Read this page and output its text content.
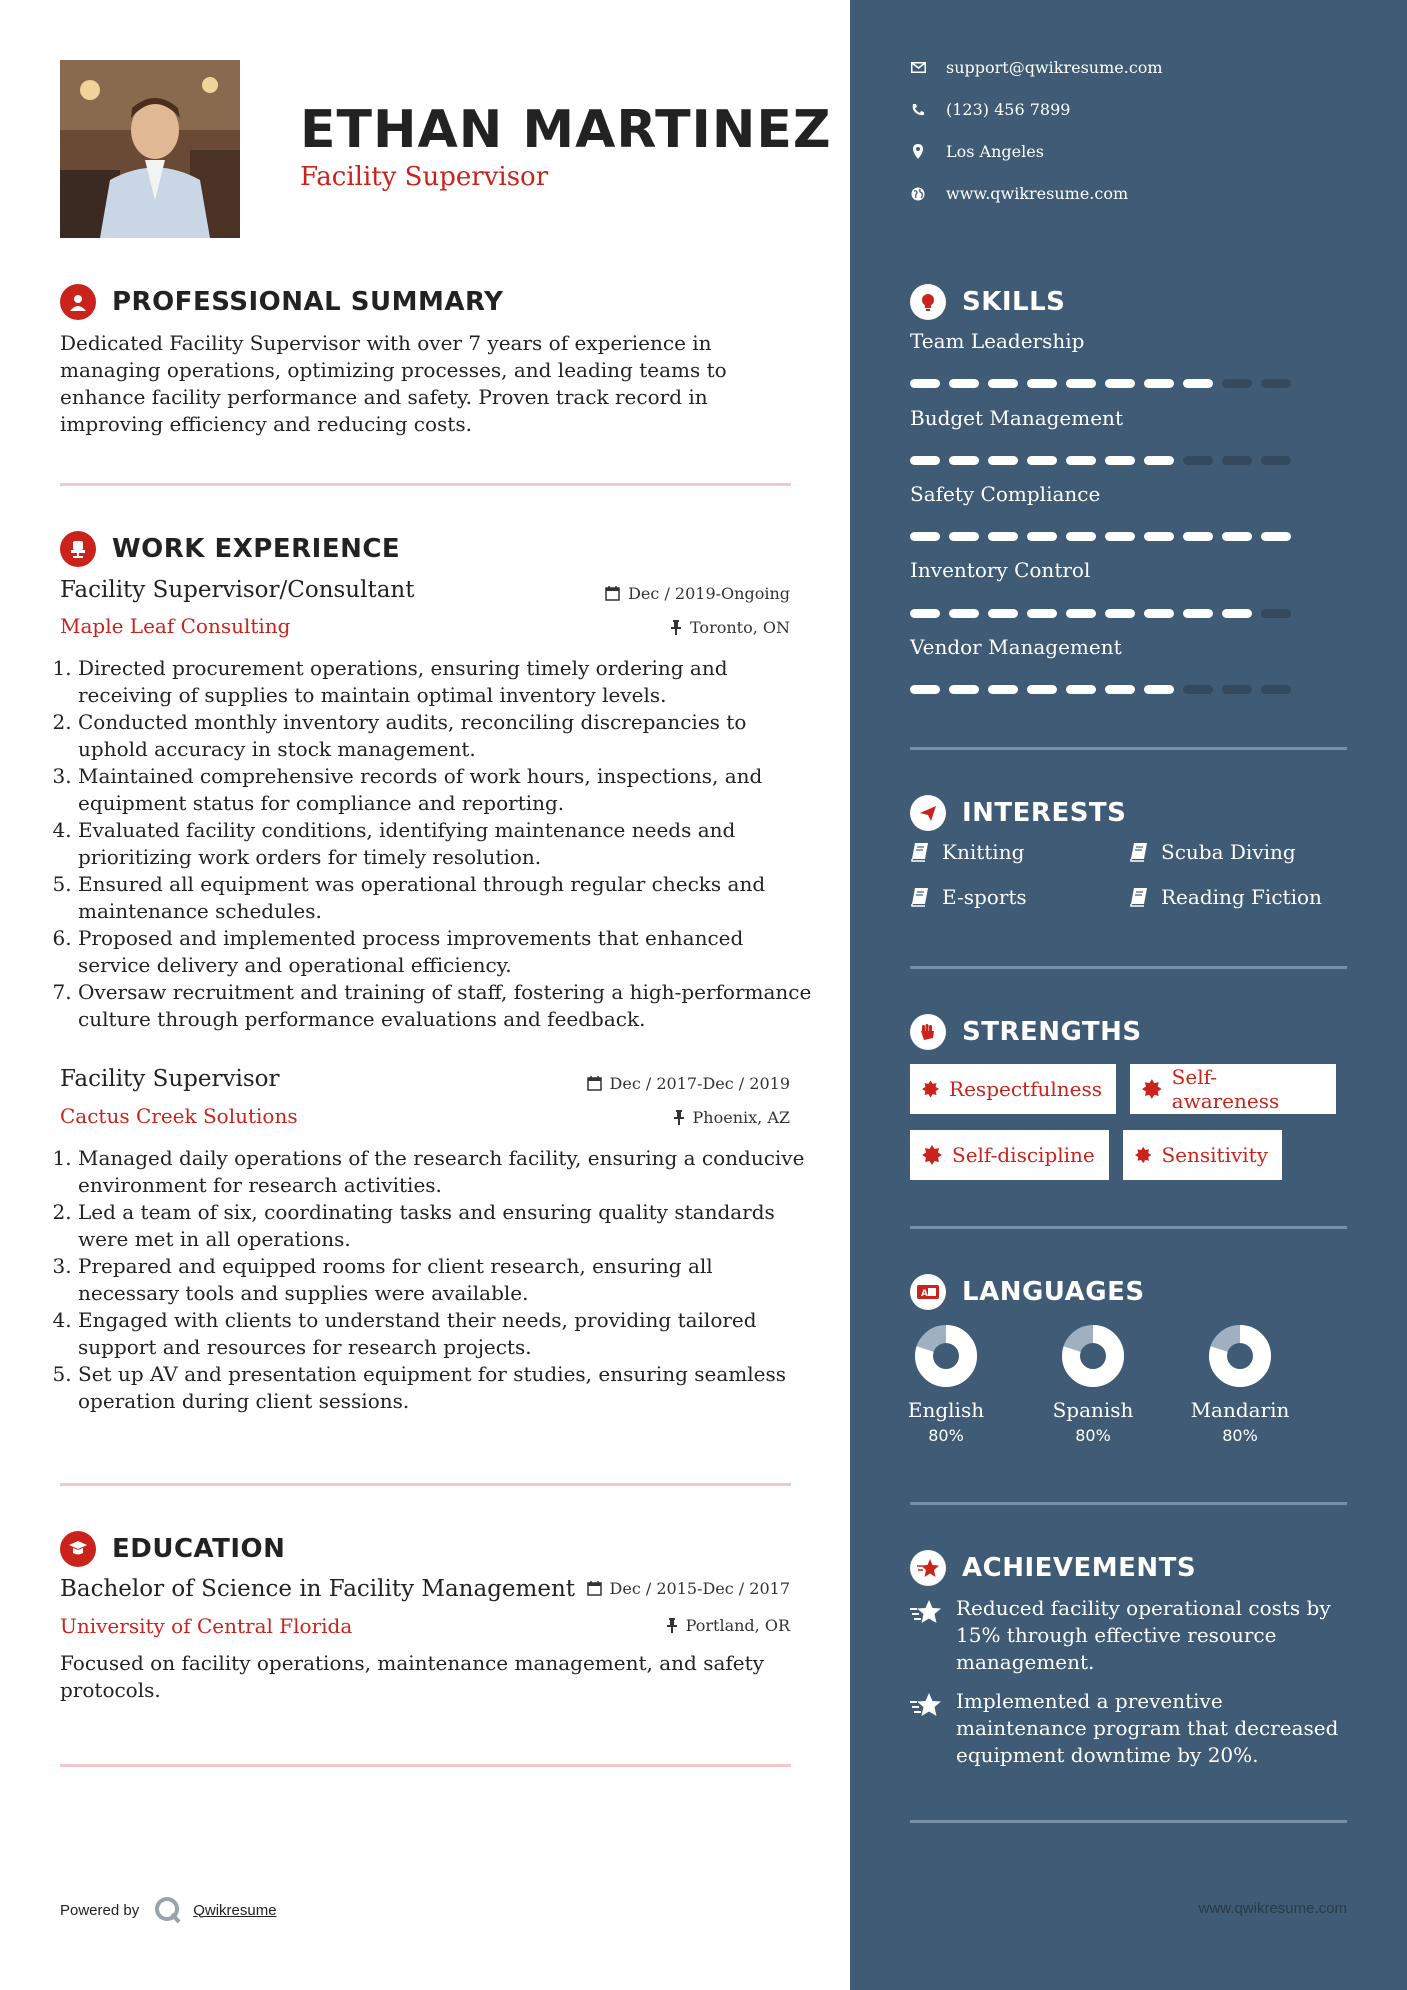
ETHAN MARTINEZ
Facility Supervisor
PROFESSIONAL SUMMARY
Dedicated Facility Supervisor with over 7 years of experience in managing operations, optimizing processes, and leading teams to enhance facility performance and safety. Proven track record in improving efficiency and reducing costs.
WORK EXPERIENCE
Facility Supervisor/Consultant	Dec / 2019-Ongoing
Maple Leaf Consulting	Toronto, ON
1. Directed procurement operations, ensuring timely ordering and receiving of supplies to maintain optimal inventory levels.
2. Conducted monthly inventory audits, reconciling discrepancies to uphold accuracy in stock management.
3. Maintained comprehensive records of work hours, inspections, and equipment status for compliance and reporting.
4. Evaluated facility conditions, identifying maintenance needs and prioritizing work orders for timely resolution.
5. Ensured all equipment was operational through regular checks and maintenance schedules.
6. Proposed and implemented process improvements that enhanced service delivery and operational efficiency.
7. Oversaw recruitment and training of staff, fostering a high-performance culture through performance evaluations and feedback.
Facility Supervisor	Dec / 2017-Dec / 2019
Cactus Creek Solutions	Phoenix, AZ
1. Managed daily operations of the research facility, ensuring a conducive environment for research activities.
2. Led a team of six, coordinating tasks and ensuring quality standards were met in all operations.
3. Prepared and equipped rooms for client research, ensuring all necessary tools and supplies were available.
4. Engaged with clients to understand their needs, providing tailored support and resources for research projects.
5. Set up AV and presentation equipment for studies, ensuring seamless operation during client sessions.
EDUCATION
Bachelor of Science in Facility Management Dec / 2015-Dec / 2017
University of Central Florida	Portland, OR
Focused on facility operations, maintenance management, and safety protocols.
Powered by	Qwikresume
support@qwikresume.com
(123) 456 7899
Los Angeles
www.qwikresume.com
SKILLS
Team Leadership
Budget Management
Safety Compliance
Inventory Control
Vendor Management
INTERESTS
Knitting	Scuba Diving
E-sports	Reading Fiction
STRENGTHS
Respectfulness	Self-awareness
Self-discipline	Sensitivity
A LANGUAGES
English
80%
Spanish
80%
Mandarin
80%
ACHIEVEMENTS
Reduced facility operational costs by 15% through effective resource management.
Implemented a preventive maintenance program that decreased equipment downtime by 20%.
www.qwikresume.com
